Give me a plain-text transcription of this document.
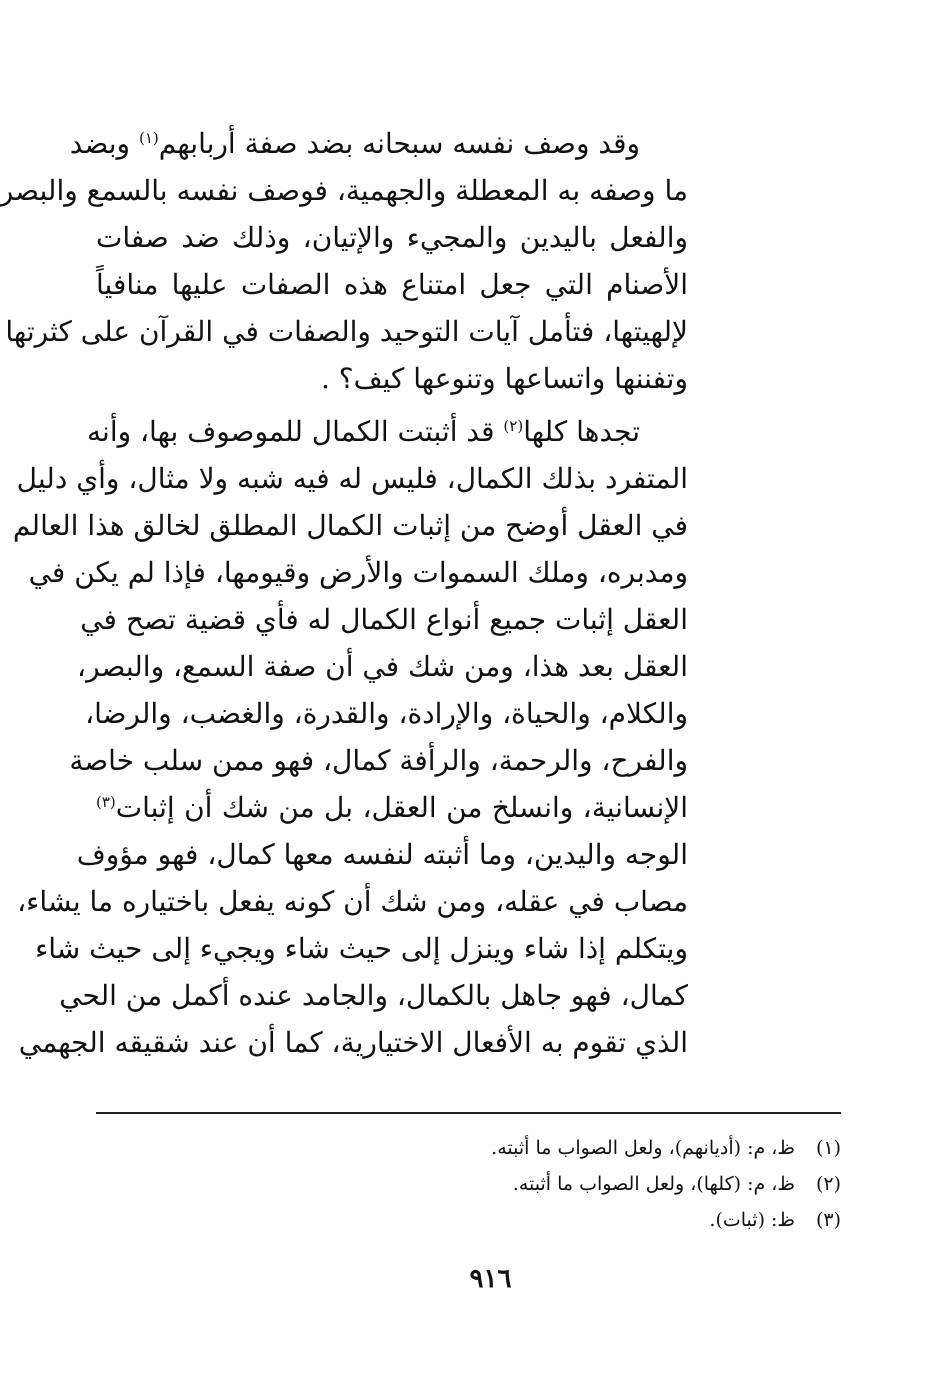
وقد وصف نفسه سبحانه بضد صفة أربابهم$^{(١)}$ وبضد
ما وصفه به المعطلة والجهمية، فوصف نفسه بالسمع والبصر
والفعل باليدين والمجيء والإتيان، وذلك ضد صفات
الأصنام التي جعل امتناع هذه الصفات عليها منافياً
لإلهيتها، فتأمل آيات التوحيد والصفات في القرآن على كثرتها
وتفننها واتساعها وتنوعها كيف؟ .
تجدها كلها$^{(٢)}$ قد أثبتت الكمال للموصوف بها، وأنه
المتفرد بذلك الكمال، فليس له فيه شبه ولا مثال، وأي دليل
في العقل أوضح من إثبات الكمال المطلق لخالق هذا العالم
ومدبره، وملك السموات والأرض وقيومها، فإذا لم يكن في
العقل إثبات جميع أنواع الكمال له فأي قضية تصح في
العقل بعد هذا، ومن شك في أن صفة السمع، والبصر،
والكلام، والحياة، والإرادة، والقدرة، والغضب، والرضا،
والفرح، والرحمة، والرأفة كمال، فهو ممن سلب خاصة
الإنسانية، وانسلخ من العقل، بل من شك أن إثبات$^{(٣)}$
الوجه واليدين، وما أثبته لنفسه معها كمال، فهو مؤوف
مصاب في عقله، ومن شك أن كونه يفعل باختياره ما يشاء،
ويتكلم إذا شاء وينزل إلى حيث شاء ويجيء إلى حيث شاء
كمال، فهو جاهل بالكمال، والجامد عنده أكمل من الحي
الذي تقوم به الأفعال الاختيارية، كما أن عند شقيقه الجهمي
(١)ظ، م: (أديانهم)، ولعل الصواب ما أثبته.
(٢)ظ، م: (كلها)، ولعل الصواب ما أثبته.
(٣)ظ: (ثبات).
٩١٦
